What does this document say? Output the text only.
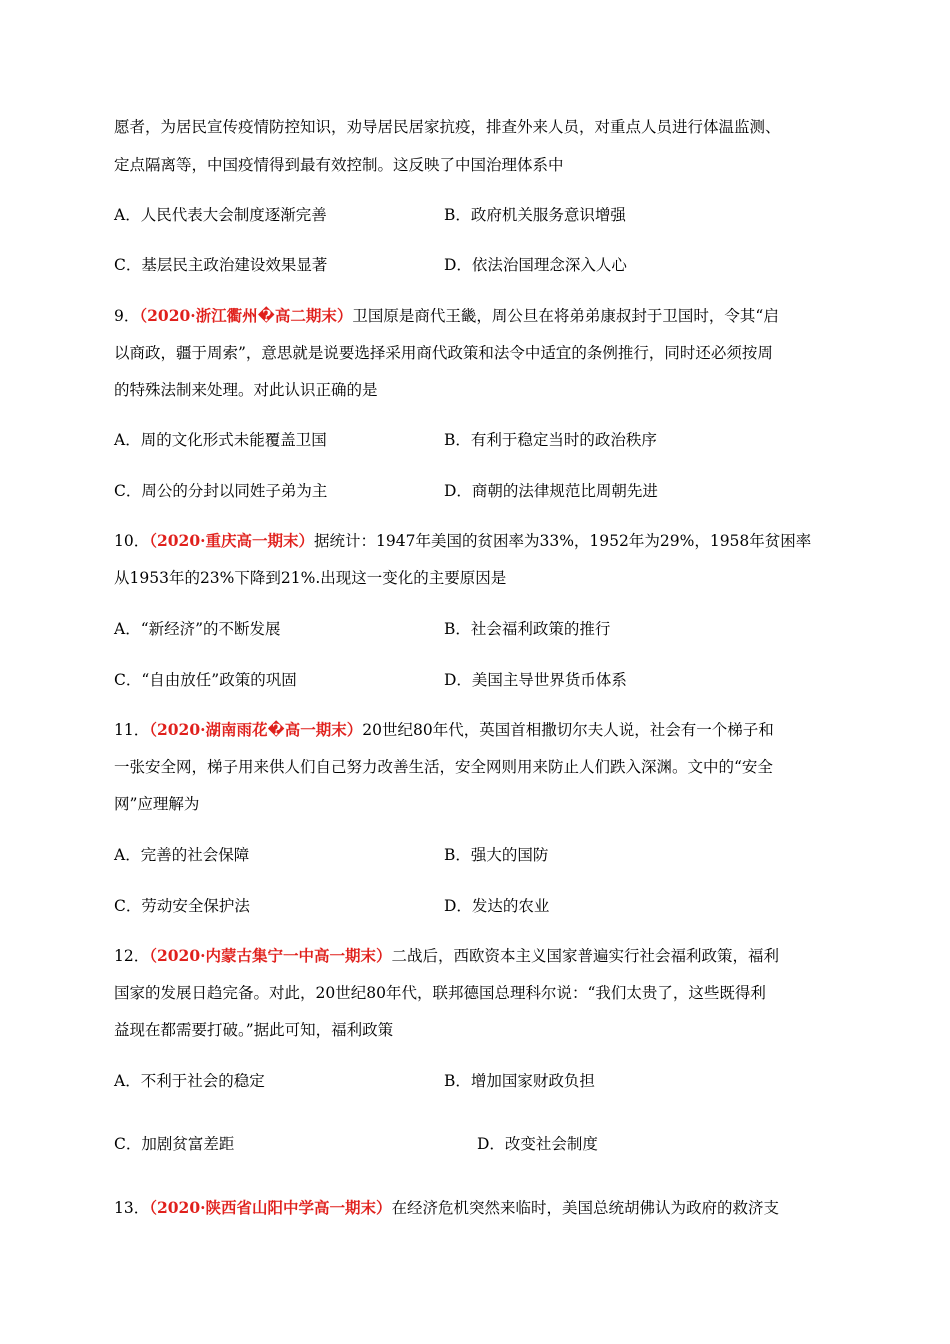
愿者，为居民宣传疫情防控知识，劝导居民居家抗疫，排查外来人员，对重点人员进行体温监测、
定点隔离等，中国疫情得到最有效控制。这反映了中国治理体系中
A．人民代表大会制度逐渐完善	B．政府机关服务意识增强
C．基层民主政治建设效果显著	D．依法治国理念深入人心
9．（2020·浙江衢州�高二期末）卫国原是商代王畿，周公旦在将弟弟康叔封于卫国时，令其“启
以商政，疆于周索”，意思就是说要选择采用商代政策和法令中适宜的条例推行，同时还必须按周
的特殊法制来处理。对此认识正确的是
A．周的文化形式未能覆盖卫国	B．有利于稳定当时的政治秩序
C．周公的分封以同姓子弟为主	D．商朝的法律规范比周朝先进
10．（2020·重庆高一期末）据统计：1947年美国的贫困率为33%，1952年为29%，1958年贫困率
从1953年的23%下降到21%.出现这一变化的主要原因是
A．“新经济”的不断发展	B．社会福利政策的推行
C．“自由放任”政策的巩固	D．美国主导世界货币体系
11．（2020·湖南雨花�高一期末）20世纪80年代，英国首相撒切尔夫人说，社会有一个梯子和
一张安全网，梯子用来供人们自己努力改善生活，安全网则用来防止人们跌入深渊。文中的“安全
网”应理解为
A．完善的社会保障	B．强大的国防
C．劳动安全保护法	D．发达的农业
12．（2020·内蒙古集宁一中高一期末）二战后，西欧资本主义国家普遍实行社会福利政策，福利
国家的发展日趋完备。对此，20世纪80年代，联邦德国总理科尔说：“我们太贵了，这些既得利
益现在都需要打破。”据此可知，福利政策
A．不利于社会的稳定	B．增加国家财政负担
C．加剧贫富差距	D．改变社会制度
13．（2020·陕西省山阳中学高一期末）在经济危机突然来临时，美国总统胡佛认为政府的救济支
